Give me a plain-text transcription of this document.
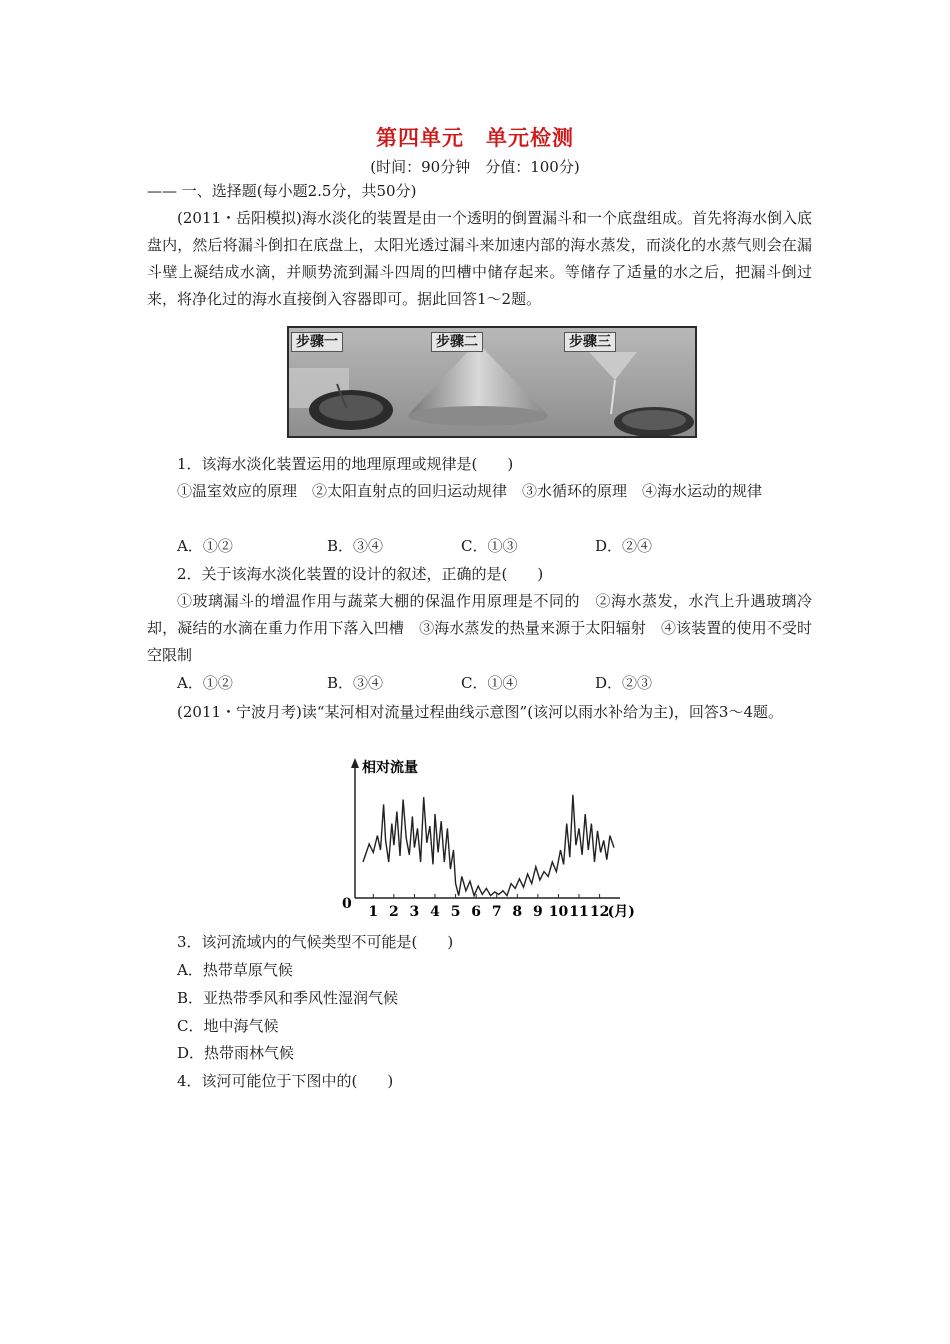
第四单元　单元检测
(时间：90分钟　分值：100分)
—— 一、选择题(每小题2.5分，共50分)
(2011・岳阳模拟)海水淡化的装置是由一个透明的倒置漏斗和一个底盘组成。首先将海水倒入底盘内，然后将漏斗倒扣在底盘上，太阳光透过漏斗来加速内部的海水蒸发，而淡化的水蒸气则会在漏斗壁上凝结成水滴，并顺势流到漏斗四周的凹槽中储存起来。等储存了适量的水之后，把漏斗倒过来，将净化过的海水直接倒入容器即可。据此回答1～2题。
步骤一	步骤二	步骤三
1．该海水淡化装置运用的地理原理或规律是(　　)
①温室效应的原理　②太阳直射点的回归运动规律　③水循环的原理　④海水运动的规律
A．①②	B．③④	C．①③	D．②④
2．关于该海水淡化装置的设计的叙述，正确的是(　　)
①玻璃漏斗的增温作用与蔬菜大棚的保温作用原理是不同的　②海水蒸发，水汽上升遇玻璃冷却，凝结的水滴在重力作用下落入凹槽　③海水蒸发的热量来源于太阳辐射　④该装置的使用不受时空限制
A．①②	B．③④	C．①④	D．②③
(2011・宁波月考)读“某河相对流量过程曲线示意图”(该河以雨水补给为主)，回答3～4题。
相对流量
0 1 2 3 4 5 6 7 8 9 10 11 12
(月)
3．该河流域内的气候类型不可能是(　　)
A．热带草原气候
B．亚热带季风和季风性湿润气候
C．地中海气候
D．热带雨林气候
4．该河可能位于下图中的(　　)
